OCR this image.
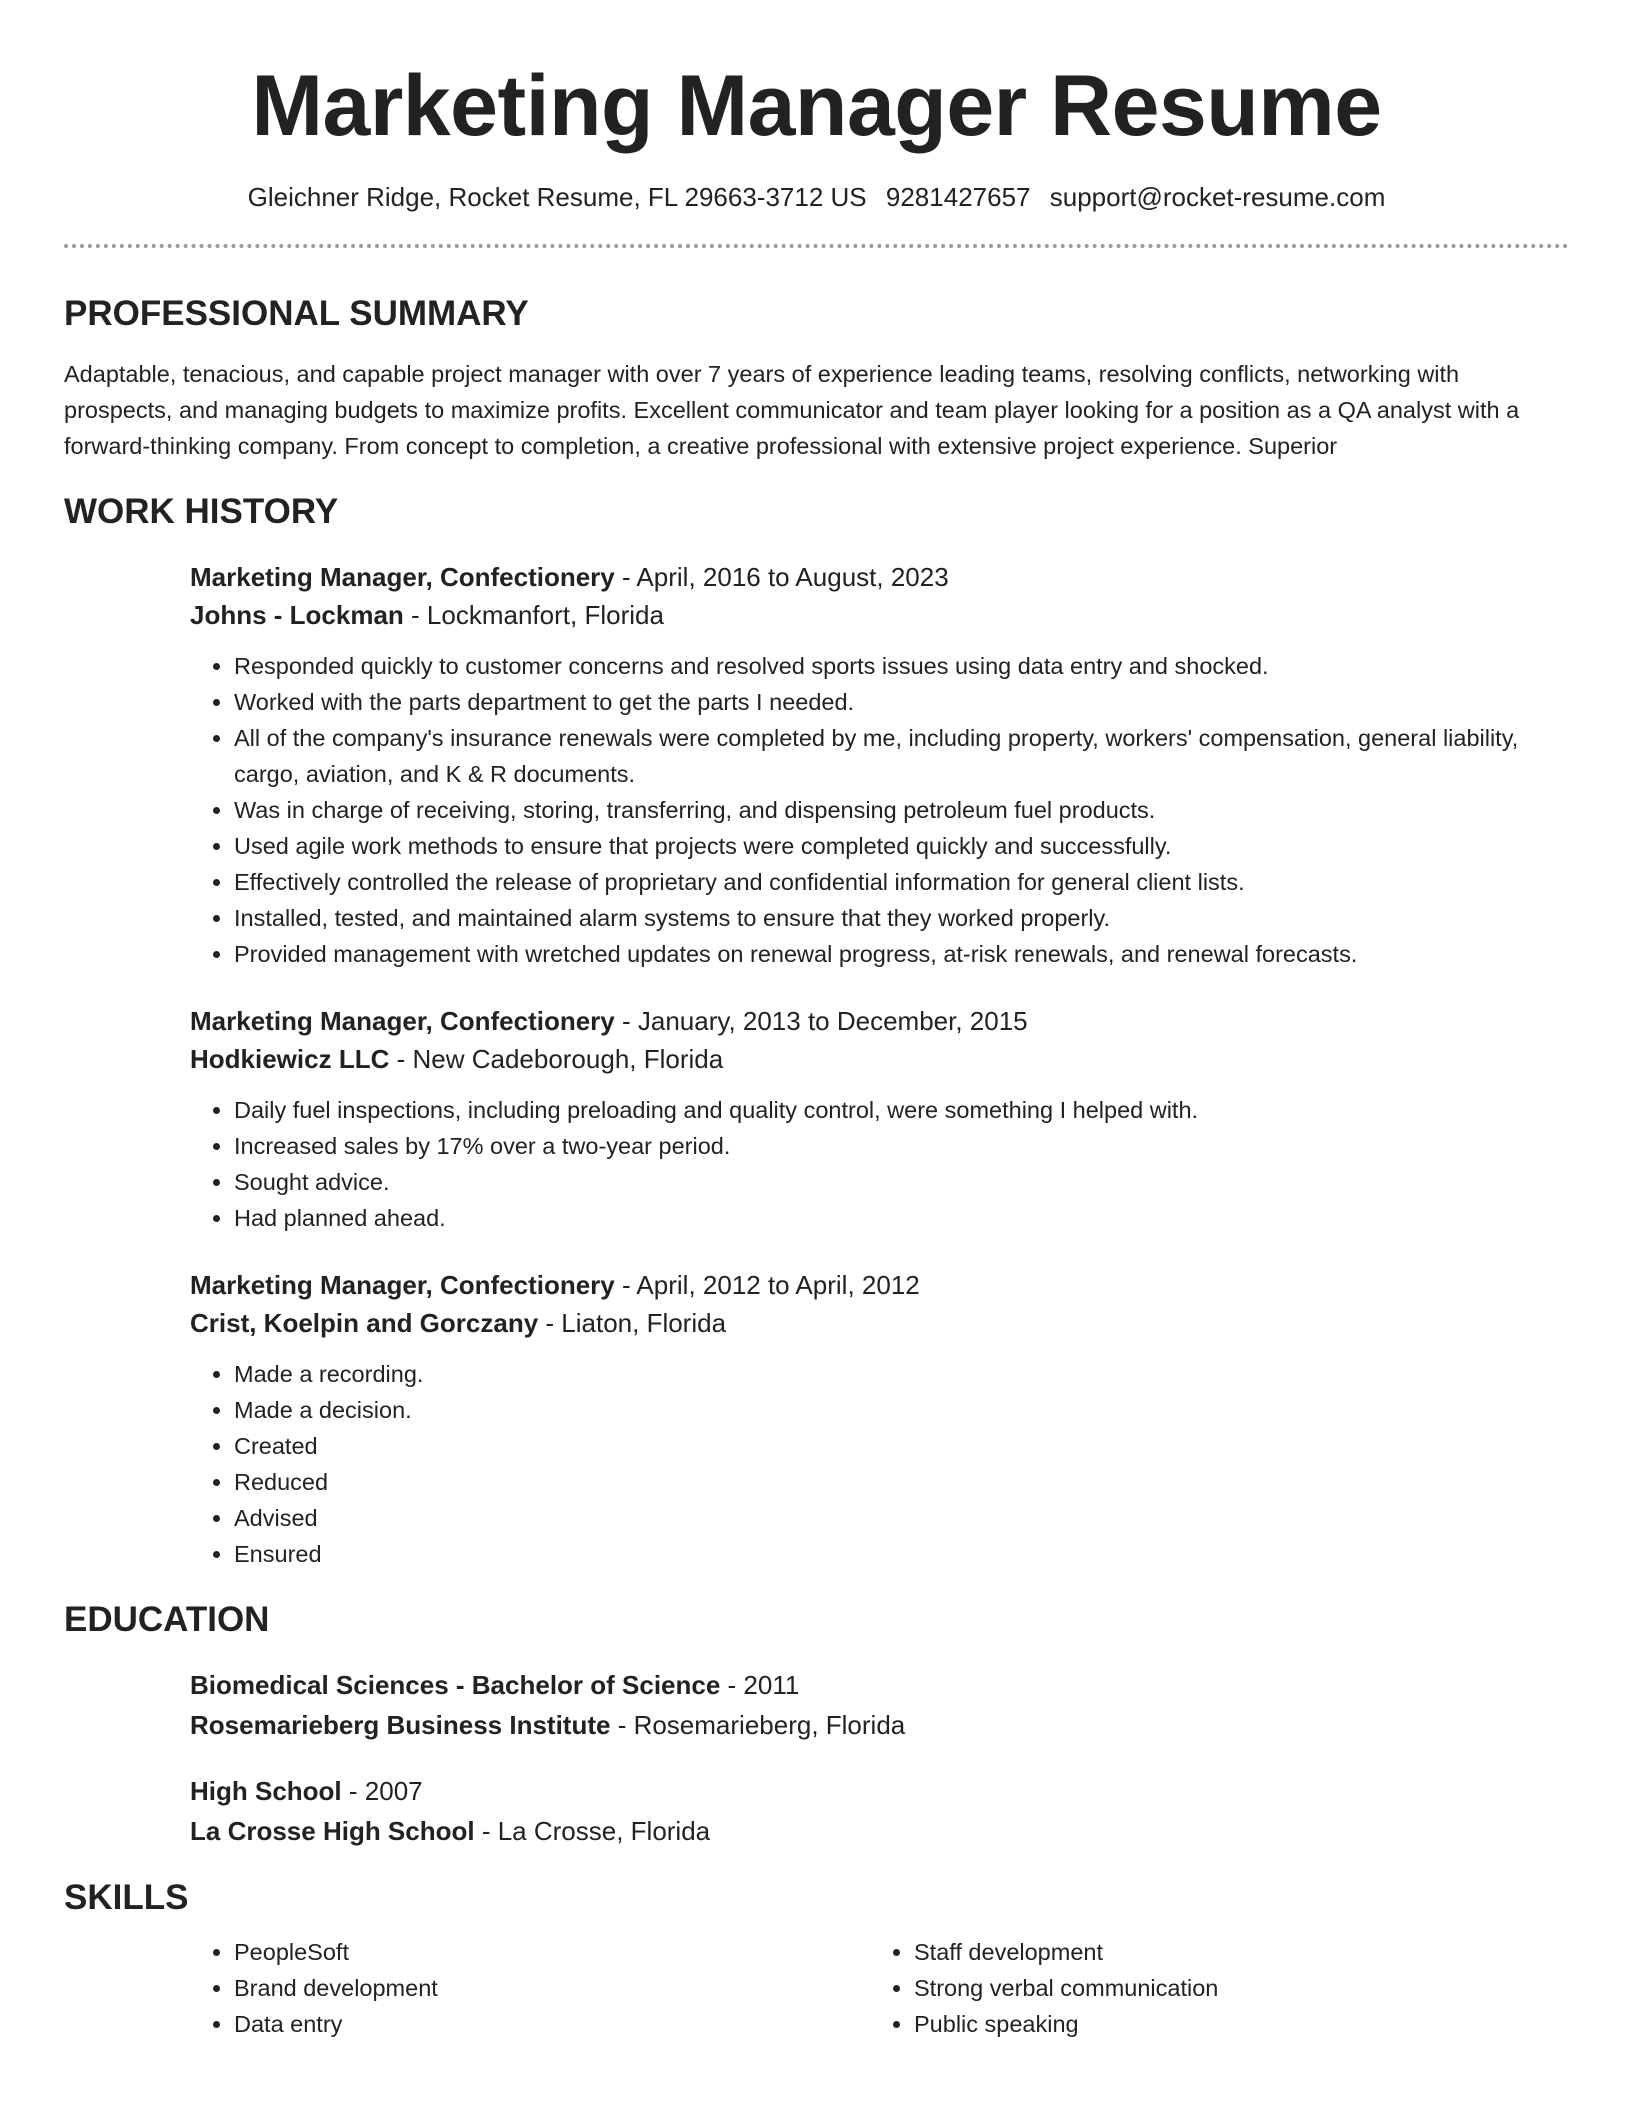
Marketing Manager Resume
Gleichner Ridge, Rocket Resume, FL 29663-3712 US 9281427657 support@rocket-resume.com
PROFESSIONAL SUMMARY

Adaptable, tenacious, and capable project manager with over 7 years of experience leading teams, resolving conflicts, networking with prospects, and managing budgets to maximize profits. Excellent communicator and team player looking for a position as a QA analyst with a forward-thinking company. From concept to completion, a creative professional with extensive project experience. Superior

WORK HISTORY
Marketing Manager, Confectionery - April, 2016 to August, 2023
Johns - Lockman - Lockmanfort, Florida
• Responded quickly to customer concerns and resolved sports issues using data entry and shocked.
• Worked with the parts department to get the parts I needed.
• All of the company's insurance renewals were completed by me, including property, workers' compensation, general liability, cargo, aviation, and K & R documents.
• Was in charge of receiving, storing, transferring, and dispensing petroleum fuel products.
• Used agile work methods to ensure that projects were completed quickly and successfully.
• Effectively controlled the release of proprietary and confidential information for general client lists.
• Installed, tested, and maintained alarm systems to ensure that they worked properly.
• Provided management with wretched updates on renewal progress, at-risk renewals, and renewal forecasts.
Marketing Manager, Confectionery - January, 2013 to December, 2015
Hodkiewicz LLC - New Cadeborough, Florida
• Daily fuel inspections, including preloading and quality control, were something I helped with.
• Increased sales by 17% over a two-year period.
• Sought advice.
• Had planned ahead.
Marketing Manager, Confectionery - April, 2012 to April, 2012
Crist, Koelpin and Gorczany - Liaton, Florida
• Made a recording.
• Made a decision.
• Created
• Reduced
• Advised
• Ensured
EDUCATION
Biomedical Sciences - Bachelor of Science - 2011
Rosemarieberg Business Institute - Rosemarieberg, Florida
High School - 2007
La Crosse High School - La Crosse, Florida
SKILLS
• PeopleSoft
• Brand development
• Data entry
• Staff development
• Strong verbal communication
• Public speaking
